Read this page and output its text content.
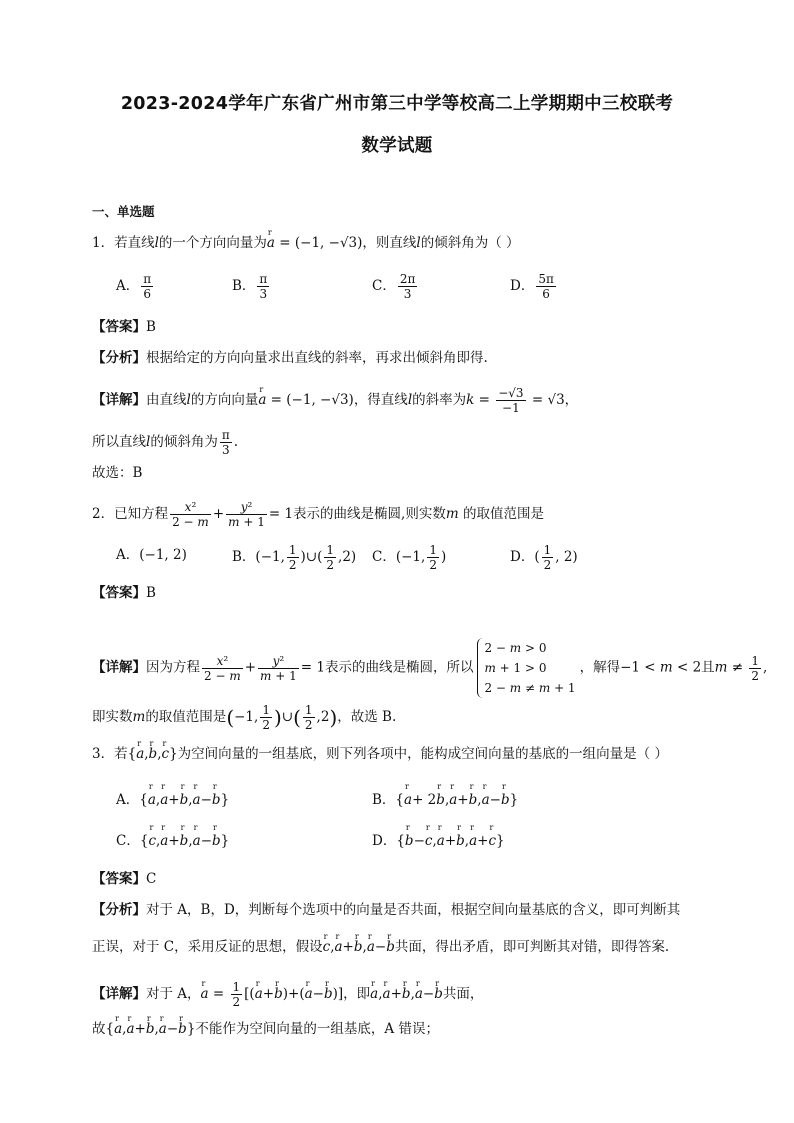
2023-2024学年广东省广州市第三中学等校高二上学期期中三校联考
数学试题
一、单选题
1．若直线l的一个方向向量为r a = (−1, −√3)，则直线l的倾斜角为（ ）
A． $\frac{\pi}{6}$	B． $\frac{\pi}{3}$	C． $\frac{2\pi}{3}$	D． $\frac{5\pi}{6}$
【答案】B
【分析】根据给定的方向向量求出直线的斜率，再求出倾斜角即得.
【详解】由直线l的方向向量r a = (−1, −√3)，得直线l的斜率为$k = \frac{-√3}{-1} = √3$，
所以直线l的倾斜角为 $\frac{\pi}{3}$ .
故选：B
2．已知方程 $\frac{\text{x²}}{2 - m} + \frac{\text{y²}}{m + 1} = 1$表示的曲线是椭圆,则实数m 的取值范围是
A．(−1, 2)	B．(−1, $\frac{1}{2}$ )∪( $\frac{1}{2} ,2$) C．(−1, $\frac{1}{2}$ )	D．( $\frac{1}{2}$ , 2)
【答案】B
【详解】因为方程 $\frac{\text{x²}}{2 - m} + \frac{\text{y²}}{m + 1} = 1$表示的曲线是椭圆，所以2 − m > 0
m + 1 > 0
2 − m ≠ m + 1，解得−1 < m < 2且$m \ne \frac{1}{2}$ ,
即实数m的取值范围是(−1, $\frac{1}{2}$ )∪( $\frac{1}{2} ,2$)，故选 B.
3．若{r a,r b,r c}为空间向量的一组基底，则下列各项中，能构成空间向量的基底的一组向量是（ ）
A．{r a,r a+r b,r a−r b}	B．{r a+ 2r b,r a+r b,r a−r b}
C．{r c,r a+r b,r a−r b}	D．{r b−r c,r a+r b,r a+r c}
【答案】C
【分析】对于 A，B，D，判断每个选项中的向量是否共面，根据空间向量基底的含义，即可判断其
正误，对于 C，采用反证的思想，假设r c,r a+r b,r a−r b共面，得出矛盾，即可判断其对错，即得答案.
【详解】对于 A，r $a = \frac{1}{2} [(r$ a+r b)+(r a−r b)]，即r a,r a+r b,r a−r b共面，
故{r a,r a+r b,r a−r b}不能作为空间向量的一组基底，A 错误；
